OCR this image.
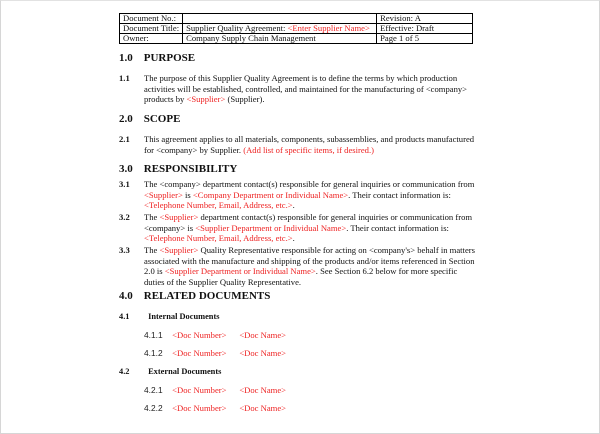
Document No.:		Revision: A
Document Title:	Supplier Quality Agreement: <Enter Supplier Name>	Effective: Draft
Owner:	Company Supply Chain Management	Page 1 of 5
1.0 PURPOSE
1.1 The purpose of this Supplier Quality Agreement is to define the terms by which production activities will be established, controlled, and maintained for the manufacturing of <company> products by <Supplier> (Supplier).
2.0 SCOPE
2.1 This agreement applies to all materials, components, subassemblies, and products manufactured for <company> by Supplier. (Add list of specific items, if desired.)
3.0 RESPONSIBILITY
3.1 The <company> department contact(s) responsible for general inquiries or communication from <Supplier> is <Company Department or Individual Name>. Their contact information is: <Telephone Number, Email, Address, etc.>.
3.2 The <Supplier> department contact(s) responsible for general inquiries or communication from <company> is <Supplier Department or Individual Name>. Their contact information is: <Telephone Number, Email, Address, etc.>.
3.3 The <Supplier> Quality Representative responsible for acting on <company's> behalf in matters associated with the manufacture and shipping of the products and/or items referenced in Section 2.0 is <Supplier Department or Individual Name>. See Section 6.2 below for more specific duties of the Supplier Quality Representative.
4.0 RELATED DOCUMENTS
4.1 Internal Documents
4.1.1 <Doc Number> <Doc Name>
4.1.2 <Doc Number> <Doc Name>
4.2 External Documents
4.2.1 <Doc Number> <Doc Name>
4.2.2 <Doc Number> <Doc Name>
